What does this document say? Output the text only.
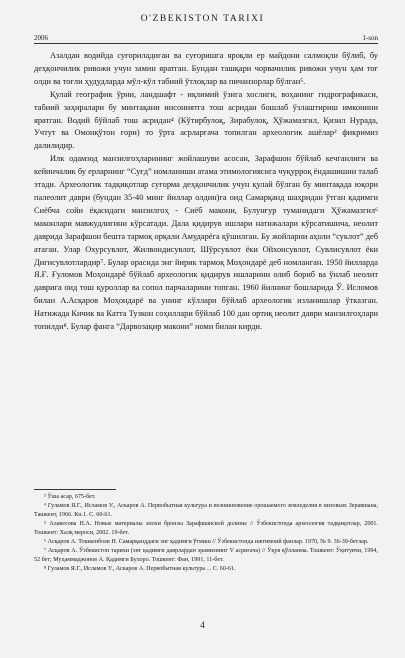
O'ZBEKISTON TARIXI
2006	1-son

Азалдан водийда суғориладиган ва суғоришга яроқли ер майдони салмоқли бўлиб, бу деҳқончилик ривожи учун замин яратган. Бундан ташқари чорвачилик ривожи учун ҳам тоғ олди ва тоғли ҳудудларда мўл-кўл табиий ўтлоқлар ва пичанзорлар бўлган⁵.

Қулай географик ўрни, ландшафт - иқлимий ўзига хослиги, воҳанинг гидрографикаси, табиий заҳиралари бу минтақани инсониятга тош асридан бошлаб ўзлаштириш имконини яратган. Водий бўйлаб тош асридан⁴ (Кўтирбулоқ, Зирабулоқ, Ҳўжамазгил, Қизил Нурада, Учтут ва Омонқўтон ғори) то ўрта асрларгача топилган археологик ашёлар² фикримиз далилидир.

Илк одамзод манзилгоҳларининг жойлашуви асосан, Зарафшон бўйлаб кечганлиги ва кейинчалик бу ерларнинг “Суғд” номланиши атама этимологиясига чуқурроқ ёндашишни талаб этади. Археологик тадқиқотлар суғорма деҳқончилик учун қулай бўлган бу минтақада юқори палеолит даври (бундан 35-40 минг йиллар олдин)га оид Самарқанд шаҳридан ўтган қадимги Сиёбча сойи ёқасидаги манзилгоҳ - Сиёб макони, Булунғур туманидаги Ҳўжамазгил⁶ маконлари мавжудлигини кўрсатади. Дала қидирув ишлари натижалари кўрсатишича, неолит даврида Зарафшон бешта тармоқ орқали Амударёга қўшилган. Бу жойларни аҳоли “суклот” деб атаган. Улар Охурсувлот, Жилвондисувлот, Шўрсувлот ёки Ойхонсувлот, Сувлисувлот ёки Дигисувлотлардир⁷. Булар орасида энг йирик тармоқ Моҳондарё деб номланган. 1950 йилларда Я.Ғ. Ғуломов Моҳондарё бўйлаб археологик қидирув ишларини олиб бориб ва ўнлаб неолит даврига оид тош қуроллар ва сопол парчаларини топган. 1960 йилнинг бошларида Ў. Исломов билан А.Асқаров Моҳондарё ва унинг кўллари бўйлаб археологик изланишлар ўтказган. Натижада Кичик ва Катта Тузкон соҳиллари бўйлаб 100 дан ортиқ неолит даври манзилгоҳлари топилди⁸. Булар фанга “Дарвозақир макони” номи билан кирди.

³ Ўша асар, 675-бет.

⁴ Гуламов Я.Г., Исламов У., Аскаров А. Первобытная культура и возникновение орошаемого земледелия в низовьях Зеравшана, Ташкент, 1966. Кн.1. С. 60-61.

⁵ Алавесова Н.А. Новые материалы эпохи бронзы Зарафшанской долины // Ўзбекистонда археология тадқиқотлар, 2001. Тошкент: Халқ мероси, 2002. 19-бет.

⁶ Асқаров А. Тошкенбоев Н. Самарқанддаги энг қадимги ўтмиш // Ўзбекистонда ижтимоий фанлар. 1970, № 9. 36-39-бетлар.

⁷ Асқаров А. Ўзбекистон тарихи (энг қадимги даврлардан эрамизнинг V асригача) // Ўқув қўлланма. Тошкент: Ўқитувчи, 1994, 52 бет; Муҳаммаджонов А. Қадимги Бухоро. Тошкент: Фан, 1991, 11-бет.

⁸ Гуламов Я.Г., Исламов У., Аскаров А. Первобытная культура ... С. 60-61.

4
